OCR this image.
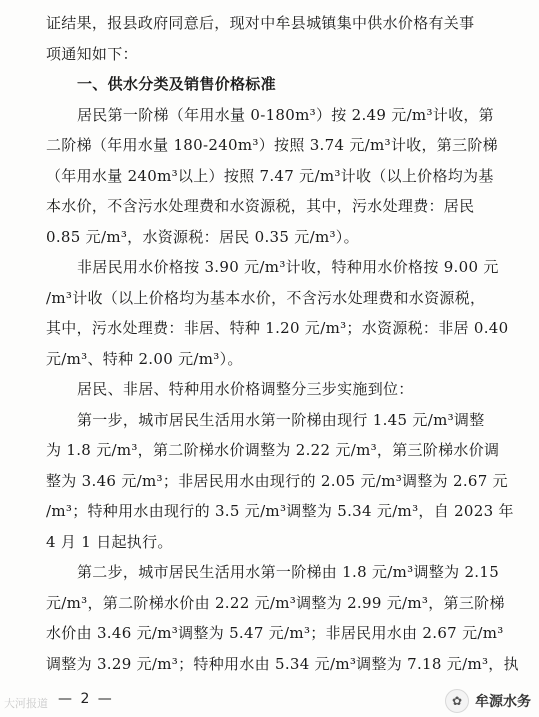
证结果，报县政府同意后，现对中牟县城镇集中供水价格有关事
项通知如下：
一、供水分类及销售价格标准
居民第一阶梯（年用水量 0-180m³）按 2.49 元/m³计收，第
二阶梯（年用水量 180-240m³）按照 3.74 元/m³计收，第三阶梯
（年用水量 240m³以上）按照 7.47 元/m³计收（以上价格均为基
本水价，不含污水处理费和水资源税，其中，污水处理费：居民
0.85 元/m³，水资源税：居民 0.35 元/m³）。
非居民用水价格按 3.90 元/m³计收，特种用水价格按 9.00 元
/m³计收（以上价格均为基本水价，不含污水处理费和水资源税，
其中，污水处理费：非居、特种 1.20 元/m³；水资源税：非居 0.40
元/m³、特种 2.00 元/m³）。
居民、非居、特种用水价格调整分三步实施到位：
第一步，城市居民生活用水第一阶梯由现行 1.45 元/m³调整
为 1.8 元/m³，第二阶梯水价调整为 2.22 元/m³，第三阶梯水价调
整为 3.46 元/m³；非居民用水由现行的 2.05 元/m³调整为 2.67 元
/m³；特种用水由现行的 3.5 元/m³调整为 5.34 元/m³，自 2023 年
4 月 1 日起执行。
第二步，城市居民生活用水第一阶梯由 1.8 元/m³调整为 2.15
元/m³，第二阶梯水价由 2.22 元/m³调整为 2.99 元/m³，第三阶梯
水价由 3.46 元/m³调整为 5.47 元/m³；非居民用水由 2.67 元/m³
调整为 3.29 元/m³；特种用水由 5.34 元/m³调整为 7.18 元/m³，执
大河报道 — 2 —	✿ 牟源水务
